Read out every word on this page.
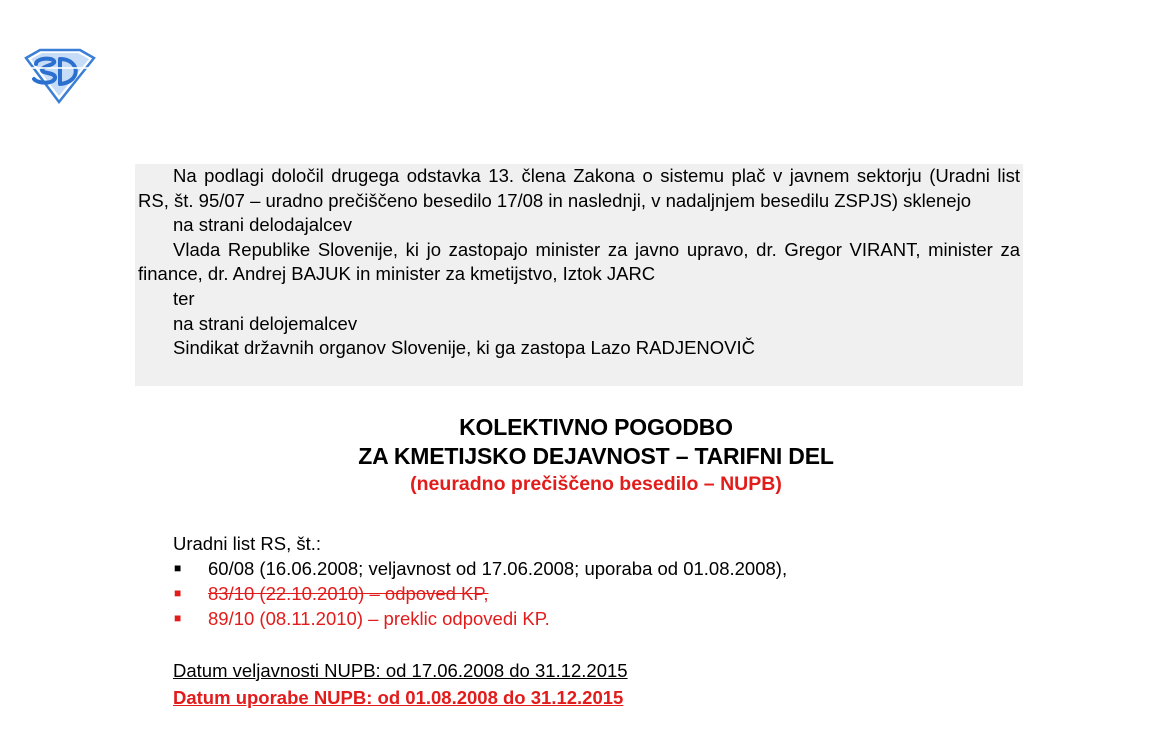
Na podlagi določil drugega odstavka 13. člena Zakona o sistemu plač v javnem sektorju (Uradni list RS, št. 95/07 – uradno prečiščeno besedilo 17/08 in naslednji, v nadaljnjem besedilu ZSPJS) sklenejo

na strani delodajalcev

Vlada Republike Slovenije, ki jo zastopajo minister za javno upravo, dr. Gregor VIRANT, minister za finance, dr. Andrej BAJUK in minister za kmetijstvo, Iztok JARC

ter

na strani delojemalcev

Sindikat državnih organov Slovenije, ki ga zastopa Lazo RADJENOVIČ

KOLEKTIVNO POGODBO
ZA KMETIJSKO DEJAVNOST – TARIFNI DEL
(neuradno prečiščeno besedilo – NUPB)
Uradni list RS, št.:
■ 60/08 (16.06.2008; veljavnost od 17.06.2008; uporaba od 01.08.2008),
■ 83/10 (22.10.2010) – odpoved KP,
■ 89/10 (08.11.2010) – preklic odpovedi KP.
Datum veljavnosti NUPB: od 17.06.2008 do 31.12.2015
Datum uporabe NUPB: od 01.08.2008 do 31.12.2015
